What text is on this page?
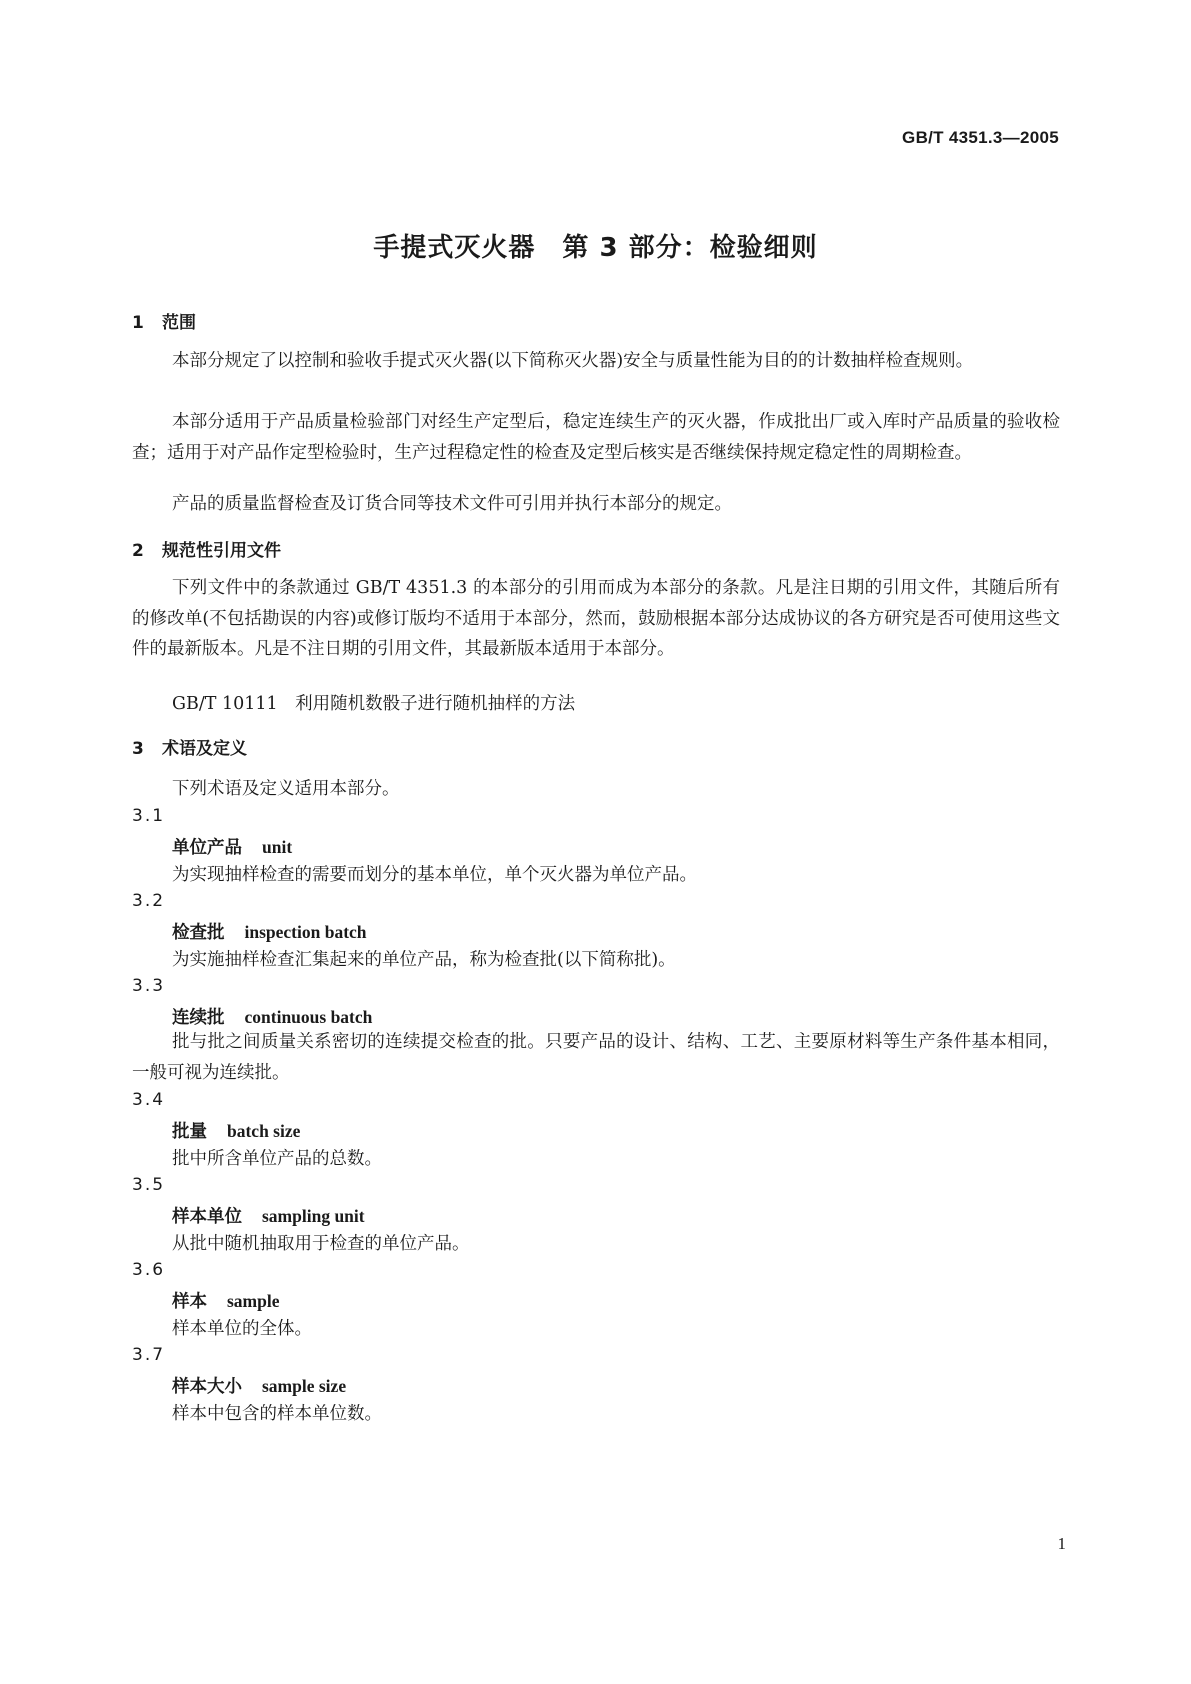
GB/T 4351.3—2005
手提式灭火器　第 3 部分：检验细则
1 范围
本部分规定了以控制和验收手提式灭火器(以下简称灭火器)安全与质量性能为目的的计数抽样检查规则。
本部分适用于产品质量检验部门对经生产定型后，稳定连续生产的灭火器，作成批出厂或入库时产品质量的验收检查；适用于对产品作定型检验时，生产过程稳定性的检查及定型后核实是否继续保持规定稳定性的周期检查。
产品的质量监督检查及订货合同等技术文件可引用并执行本部分的规定。
2 规范性引用文件
下列文件中的条款通过 GB/T 4351.3 的本部分的引用而成为本部分的条款。凡是注日期的引用文件，其随后所有的修改单(不包括勘误的内容)或修订版均不适用于本部分，然而，鼓励根据本部分达成协议的各方研究是否可使用这些文件的最新版本。凡是不注日期的引用文件，其最新版本适用于本部分。
GB/T 10111　利用随机数骰子进行随机抽样的方法
3 术语及定义
下列术语及定义适用本部分。
3.1
单位产品 unit
为实现抽样检查的需要而划分的基本单位，单个灭火器为单位产品。
3.2
检查批 inspection batch
为实施抽样检查汇集起来的单位产品，称为检查批(以下简称批)。
3.3
连续批 continuous batch
批与批之间质量关系密切的连续提交检查的批。只要产品的设计、结构、工艺、主要原材料等生产条件基本相同，一般可视为连续批。
3.4
批量 batch size
批中所含单位产品的总数。
3.5
样本单位 sampling unit
从批中随机抽取用于检查的单位产品。
3.6
样本 sample
样本单位的全体。
3.7
样本大小 sample size
样本中包含的样本单位数。
1
